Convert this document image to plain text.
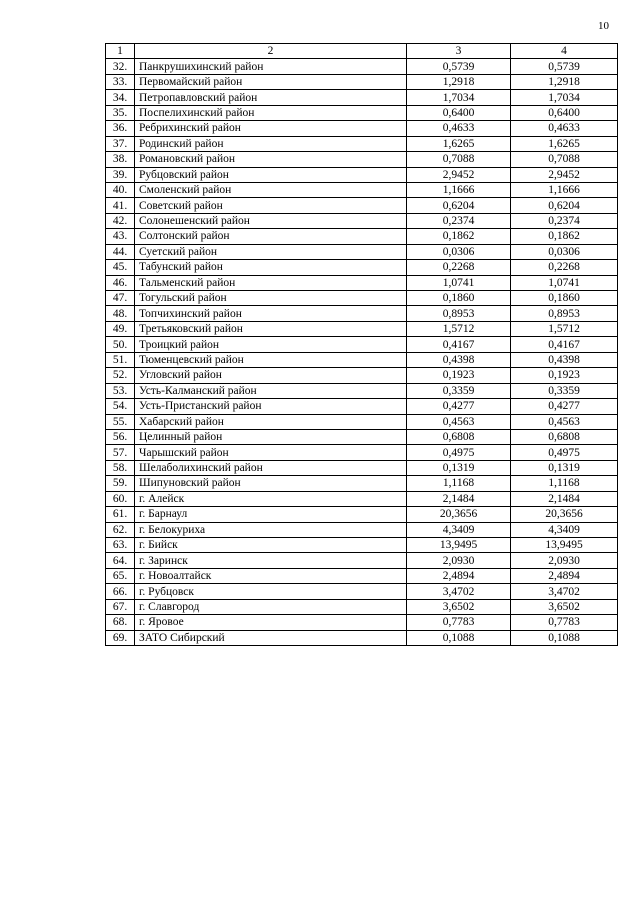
10
1	2	3	4
32.	Панкрушихинский район	0,5739	0,5739
33.	Первомайский район	1,2918	1,2918
34.	Петропавловский район	1,7034	1,7034
35.	Поспелихинский район	0,6400	0,6400
36.	Ребрихинский район	0,4633	0,4633
37.	Родинский район	1,6265	1,6265
38.	Романовский район	0,7088	0,7088
39.	Рубцовский район	2,9452	2,9452
40.	Смоленский район	1,1666	1,1666
41.	Советский район	0,6204	0,6204
42.	Солонешенский район	0,2374	0,2374
43.	Солтонский район	0,1862	0,1862
44.	Суетский район	0,0306	0,0306
45.	Табунский район	0,2268	0,2268
46.	Тальменский район	1,0741	1,0741
47.	Тогульский район	0,1860	0,1860
48.	Топчихинский район	0,8953	0,8953
49.	Третьяковский район	1,5712	1,5712
50.	Троицкий район	0,4167	0,4167
51.	Тюменцевский район	0,4398	0,4398
52.	Угловский район	0,1923	0,1923
53.	Усть-Калманский район	0,3359	0,3359
54.	Усть-Пристанский район	0,4277	0,4277
55.	Хабарский район	0,4563	0,4563
56.	Целинный район	0,6808	0,6808
57.	Чарышский район	0,4975	0,4975
58.	Шелаболихинский район	0,1319	0,1319
59.	Шипуновский район	1,1168	1,1168
60.	г. Алейск	2,1484	2,1484
61.	г. Барнаул	20,3656	20,3656
62.	г. Белокуриха	4,3409	4,3409
63.	г. Бийск	13,9495	13,9495
64.	г. Заринск	2,0930	2,0930
65.	г. Новоалтайск	2,4894	2,4894
66.	г. Рубцовск	3,4702	3,4702
67.	г. Славгород	3,6502	3,6502
68.	г. Яровое	0,7783	0,7783
69.	ЗАТО Сибирский	0,1088	0,1088
